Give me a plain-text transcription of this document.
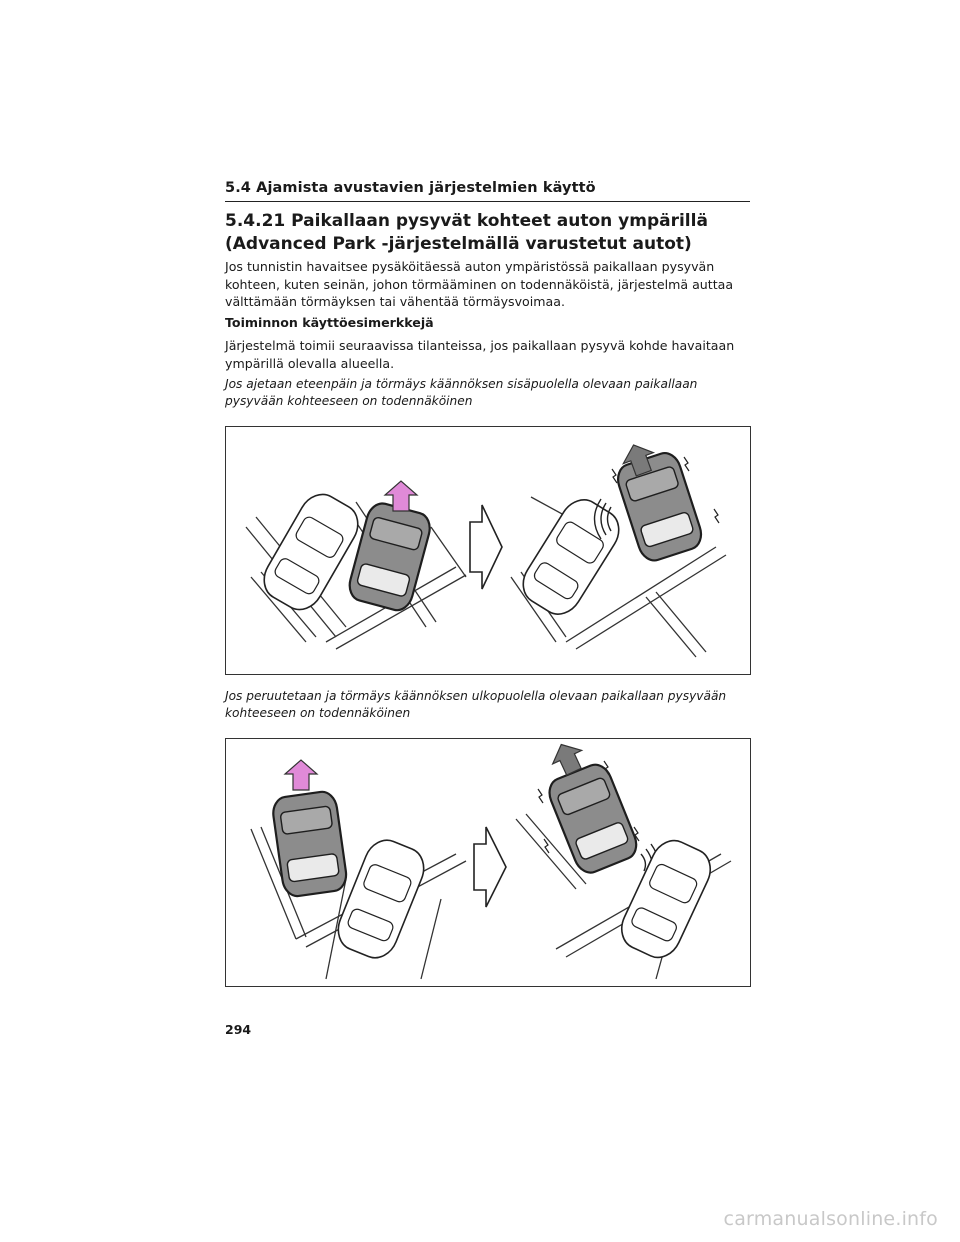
5.4 Ajamista avustavien järjestelmien käyttö
5.4.21 Paikallaan pysyvät kohteet auton ympärillä (Advanced Park -järjestelmällä varustetut autot)
Jos tunnistin havaitsee pysäköitäessä auton ympäristössä paikallaan pysyvän kohteen, kuten seinän, johon törmääminen on todennäköistä, järjestelmä auttaa välttämään törmäyksen tai vähentää törmäysvoimaa.
Toiminnon käyttöesimerkkejä
Järjestelmä toimii seuraavissa tilanteissa, jos paikallaan pysyvä kohde havaitaan ympärillä olevalla alueella.
Jos ajetaan eteenpäin ja törmäys käännöksen sisäpuolella olevaan paikallaan pysyvään kohteeseen on todennäköinen
Jos peruutetaan ja törmäys käännöksen ulkopuolella olevaan paikallaan pysyvään kohteeseen on todennäköinen
294
carmanualsonline.info
